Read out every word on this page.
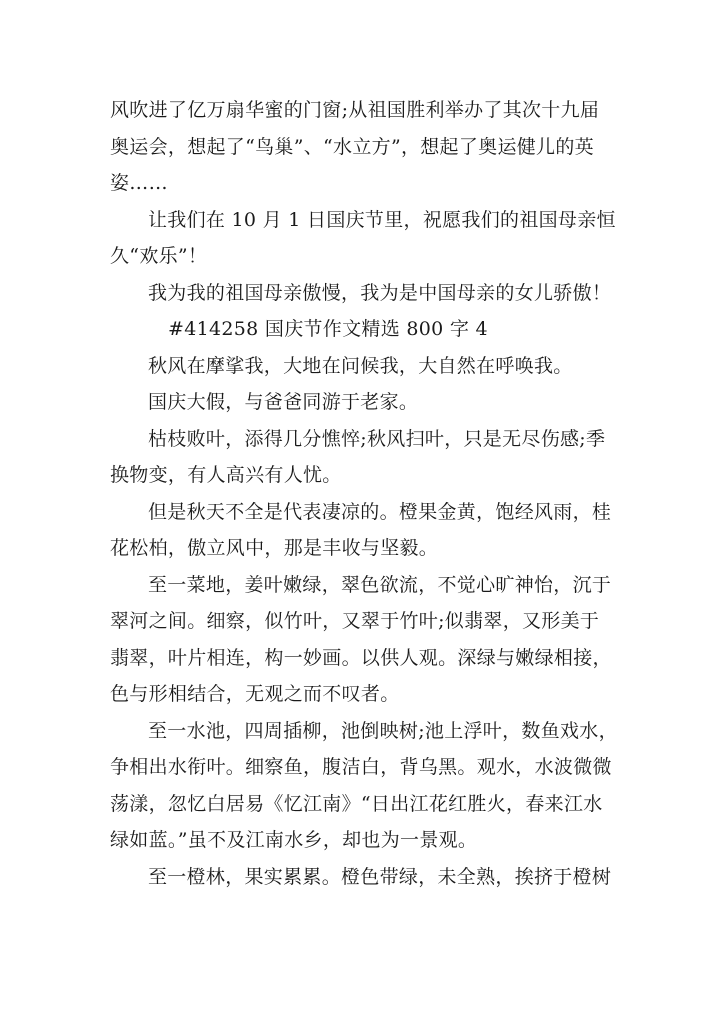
风吹进了亿万扇华蜜的门窗;从祖国胜利举办了其次十九届
奥运会，想起了“鸟巢”、“水立方”，想起了奥运健儿的英
姿……
让我们在 10 月 1 日国庆节里，祝愿我们的祖国母亲恒
久“欢乐”！
我为我的祖国母亲傲慢，我为是中国母亲的女儿骄傲！
#414258 国庆节作文精选 800 字 4
秋风在摩挲我，大地在问候我，大自然在呼唤我。
国庆大假，与爸爸同游于老家。
枯枝败叶，添得几分憔悴;秋风扫叶，只是无尽伤感;季
换物变，有人高兴有人忧。
但是秋天不全是代表凄凉的。橙果金黄，饱经风雨，桂
花松柏，傲立风中，那是丰收与坚毅。
至一菜地，姜叶嫩绿，翠色欲流，不觉心旷神怡，沉于
翠河之间。细察，似竹叶，又翠于竹叶;似翡翠，又形美于
翡翠，叶片相连，构一妙画。以供人观。深绿与嫩绿相接，
色与形相结合，无观之而不叹者。
至一水池，四周插柳，池倒映树;池上浮叶，数鱼戏水，
争相出水衔叶。细察鱼，腹洁白，背乌黑。观水，水波微微
荡漾，忽忆白居易《忆江南》“日出江花红胜火，春来江水
绿如蓝。”虽不及江南水乡，却也为一景观。
至一橙林，果实累累。橙色带绿，未全熟，挨挤于橙树
